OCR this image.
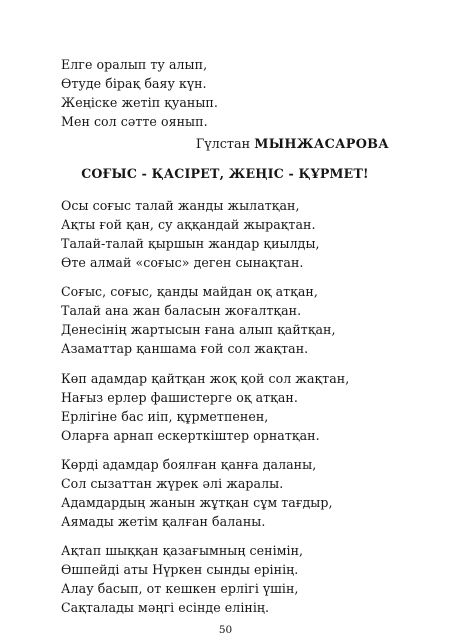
Елге оралып ту алып,
Өтуде бірақ баяу күн.
Жеңіске жетіп қуанып.
Мен сол сәтте оянып.
Гүлстан МЫНЖАСАРОВА
СОҒЫС - ҚАСІРЕТ, ЖЕҢІС - ҚҰРМЕТ!
Осы соғыс талай жанды жылатқан,
Ақты ғой қан, су аққандай жырақтан.
Талай-талай қыршын жандар қиылды,
Өте алмай «соғыс» деген сынақтан.
Соғыс, соғыс, қанды майдан оқ атқан,
Талай ана жан баласын жоғалтқан.
Денесінің жартысын ғана алып қайтқан,
Азаматтар қаншама ғой сол жақтан.
Көп адамдар қайтқан жоқ қой сол жақтан,
Нағыз ерлер фашистерге оқ атқан.
Ерлігіне бас иіп, құрметпенен,
Оларға арнап ескерткіштер орнатқан.
Көрді адамдар боялған қанға даланы,
Сол сызаттан жүрек әлі жаралы.
Адамдардың жанын жұтқан сұм тағдыр,
Аямады жетім қалған баланы.
Ақтап шыққан қазағымның сенімін,
Өшпейді аты Нүркен сынды ерінің.
Алау басып, от кешкен ерлігі үшін,
Сақталады мәңгі есінде елінің.
50
